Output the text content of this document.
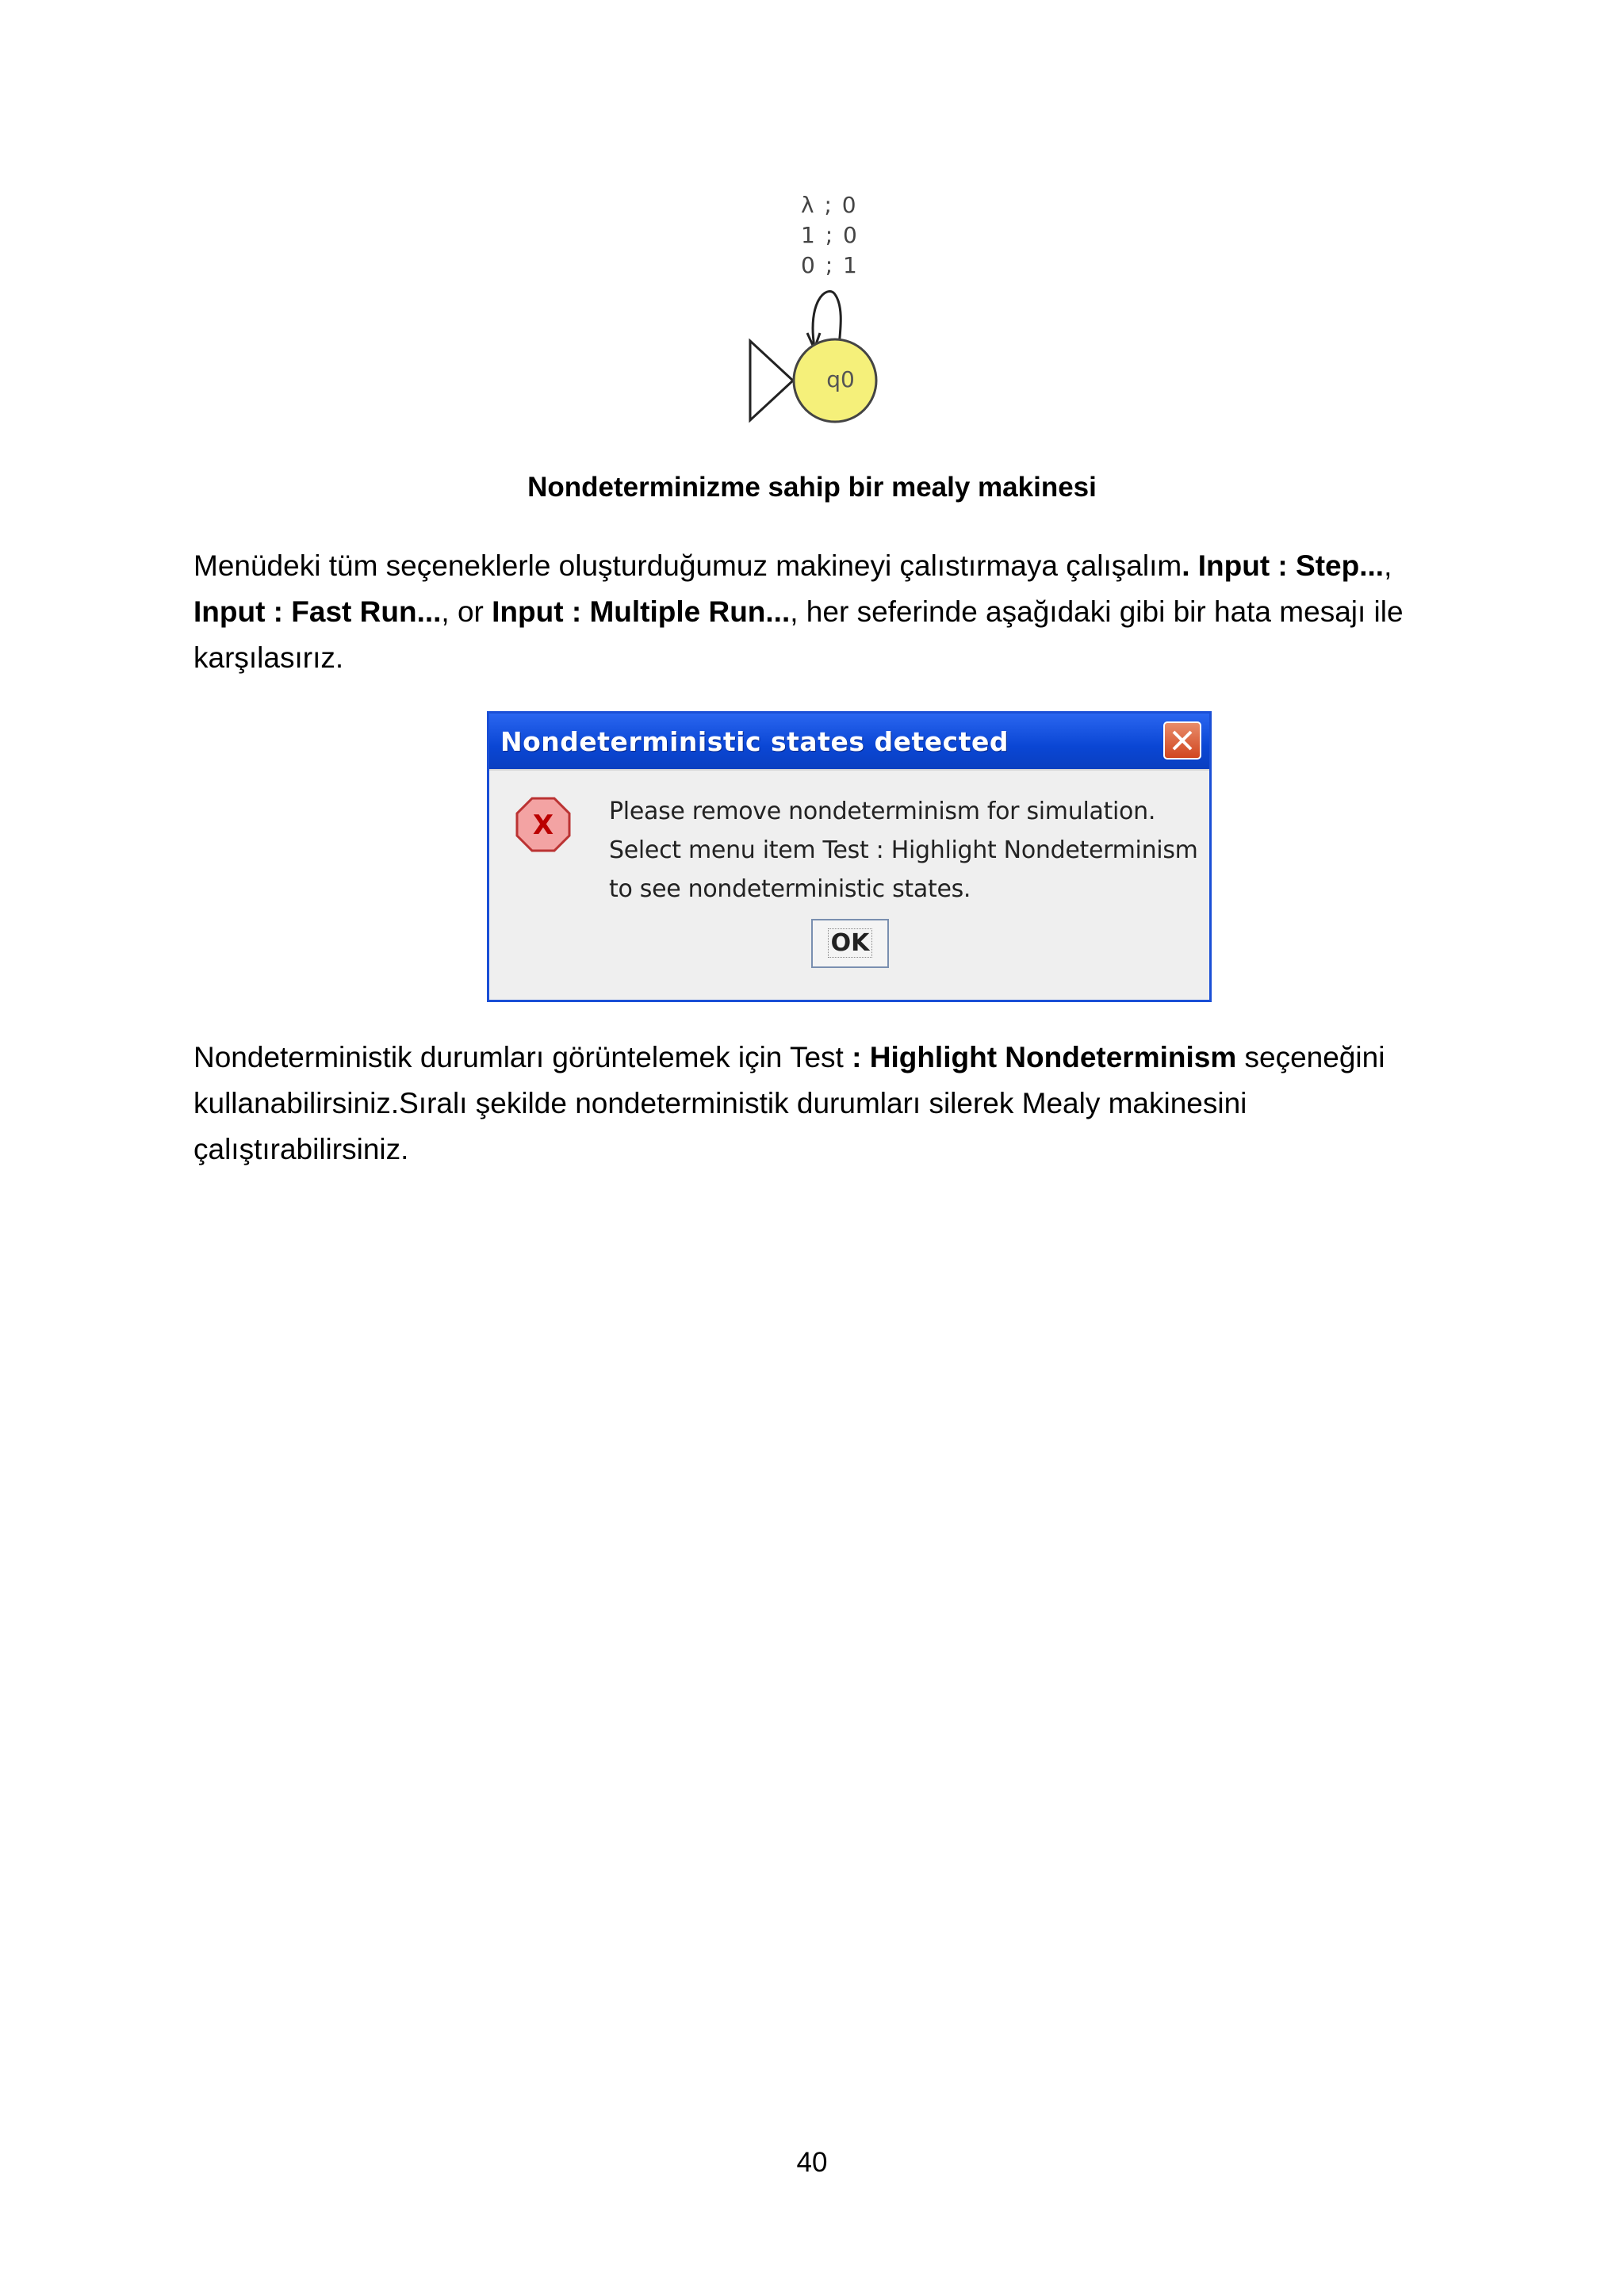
λ ; 0
1 ; 0
0 ; 1
q0
Nondeterminizme sahip bir mealy makinesi
Menüdeki tüm seçeneklerle oluşturduğumuz makineyi çalıstırmaya çalışalım. Input : Step..., Input : Fast Run..., or Input : Multiple Run..., her seferinde aşağıdaki gibi bir hata mesajı ile karşılasırız.
Nondeterministic states detected
X Please remove nondeterminism for simulation.
Select menu item Test : Highlight Nondeterminism
to see nondeterministic states.
OK
Nondeterministik durumları görüntelemek için Test : Highlight Nondeterminism seçeneğini kullanabilirsiniz.Sıralı şekilde nondeterministik durumları silerek Mealy makinesini çalıştırabilirsiniz.
40
